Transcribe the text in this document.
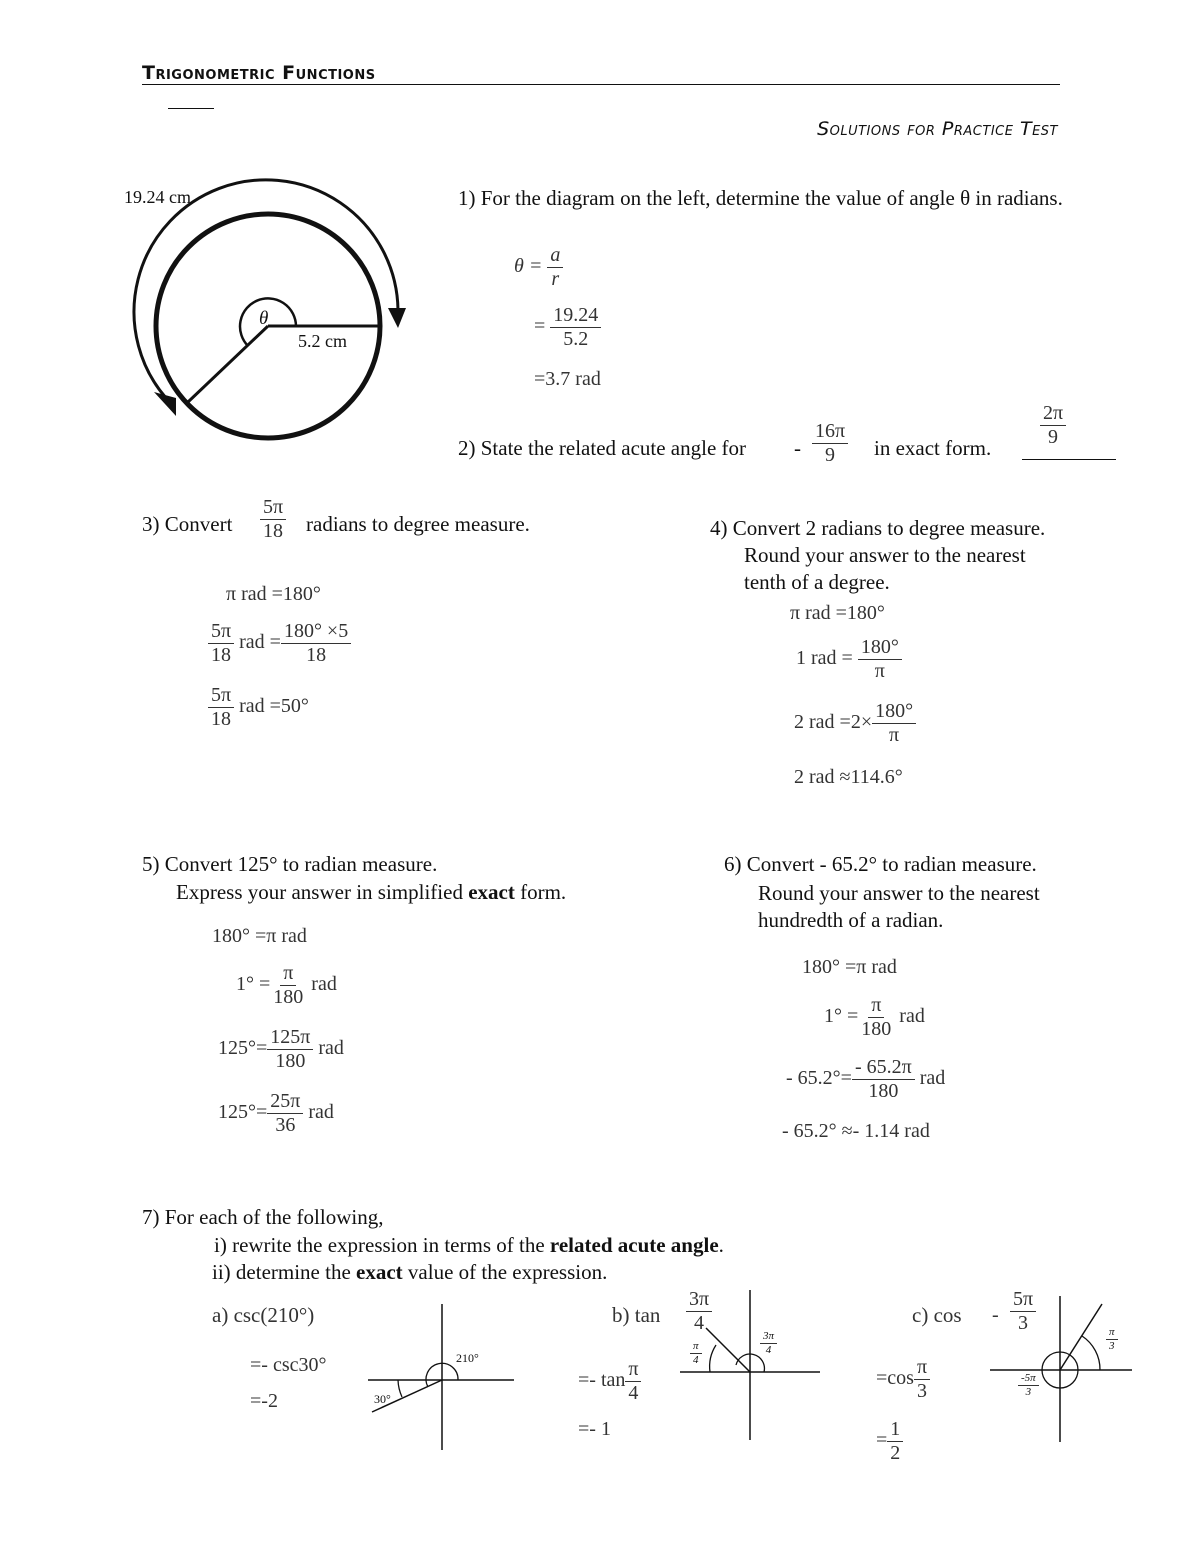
Trigonometric Functions
Solutions for Practice Test
19.24 cm
θ
5.2 cm
1) For the diagram on the left, determine the value of angle θ in radians.
$\theta = \frac{a}{r}$
= $\frac{19.24}{5.2}$
=3.7 rad
2) State the related acute angle for - $\frac{16\pi}{9}$ in exact form. $\frac{2\pi}{9}$
3) Convert $\frac{5\pi}{18}$ radians to degree measure.
π rad =180°
$\frac{5\pi}{18}$ rad = $\frac{180^\circ \times 5}{18}$
$\frac{5\pi}{18}$ rad =50°
4) Convert 2 radians to degree measure.
Round your answer to the nearest
tenth of a degree.
π rad =180°
1 rad = $\frac{180^\circ}{\pi}$
2 rad $=2\times \frac{180^\circ}{\pi}$
2 rad ≈114.6°
5) Convert 125° to radian measure.
Express your answer in simplified exact form.
180° =π rad
$1^\circ = \frac{\pi}{180}$ rad
$125^\circ= \frac{125\pi}{180}$ rad
$125^\circ= \frac{25\pi}{36}$ rad
6) Convert - 65.2° to radian measure.
Round your answer to the nearest
hundredth of a radian.
180° =π rad
$1^\circ = \frac{\pi}{180}$ rad
- $65.2^\circ= \frac{- 65.2\pi}{180}$ rad
- 65.2° ≈- 1.14 rad
7) For each of the following,
i) rewrite the expression in terms of the related acute angle.
ii) determine the exact value of the expression.
a) csc(210°)
=- csc30°
=-2
210°
30°
b) $\tan \frac{3\pi}{4}$
=- $\tan \frac{\pi}{4}$
=- 1
$\frac{3\pi}{4}$
$\frac{\pi}{4}$
c) cos - $\frac{5\pi}{3}$
$=\cos \frac{\pi}{3}$
= $\frac{1}{2}$
$\frac{\pi}{3}$
$\frac{-5\pi}{3}$
